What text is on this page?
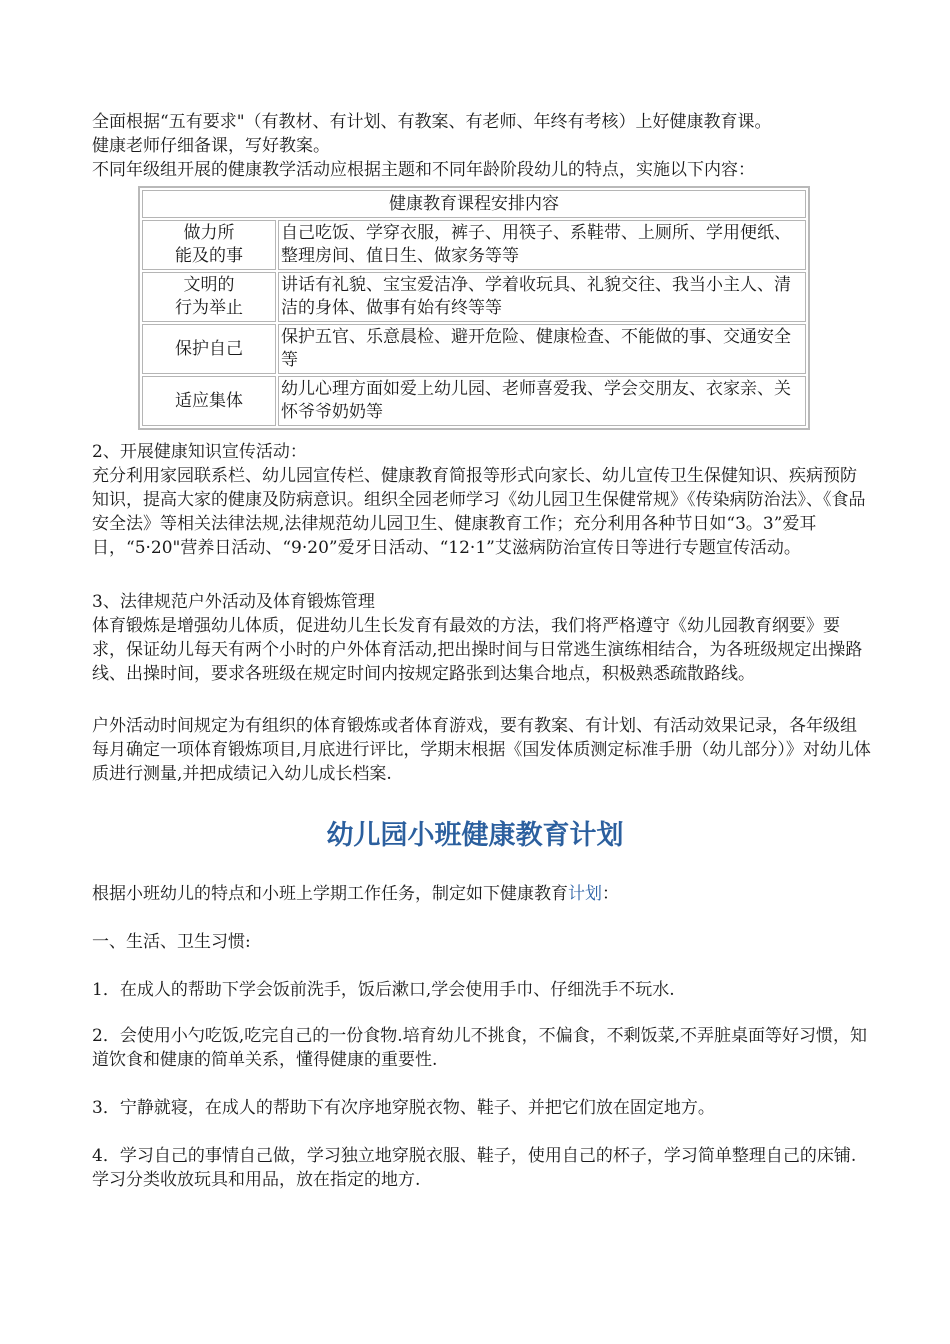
全面根据“五有要求"（有教材、有计划、有教案、有老师、年终有考核）上好健康教育课。

健康老师仔细备课，写好教案。

不同年级组开展的健康教学活动应根据主题和不同年龄阶段幼儿的特点，实施以下内容：

健康教育课程安排内容	
做力所
能及的事	自己吃饭、学穿衣服，裤子、用筷子、系鞋带、上厕所、学用便纸、整理房间、值日生、做家务等等
文明的
行为举止	讲话有礼貌、宝宝爱洁净、学着收玩具、礼貌交往、我当小主人、清洁的身体、做事有始有终等等
保护自己	保护五官、乐意晨检、避开危险、健康检查、不能做的事、交通安全等
适应集体	幼儿心理方面如爱上幼儿园、老师喜爱我、学会交朋友、衣家亲、关怀爷爷奶奶等

2、开展健康知识宣传活动：

充分利用家园联系栏、幼儿园宣传栏、健康教育简报等形式向家长、幼儿宣传卫生保健知识、疾病预防知识，提高大家的健康及防病意识。组织全园老师学习《幼儿园卫生保健常规》《传染病防治法》、《食品安全法》等相关法律法规,法律规范幼儿园卫生、健康教育工作；充分利用各种节日如“3。3”爱耳日，“5·20"营养日活动、“9·20”爱牙日活动、“12·1”艾滋病防治宣传日等进行专题宣传活动。

3、法律规范户外活动及体育锻炼管理

体育锻炼是增强幼儿体质，促进幼儿生长发育有最效的方法，我们将严格遵守《幼儿园教育纲要》要求，保证幼儿每天有两个小时的户外体育活动,把出操时间与日常逃生演练相结合，为各班级规定出操路线、出操时间，要求各班级在规定时间内按规定路张到达集合地点，积极熟悉疏散路线。

户外活动时间规定为有组织的体育锻炼或者体育游戏，要有教案、有计划、有活动效果记录，各年级组每月确定一项体育锻炼项目,月底进行评比，学期末根据《国发体质测定标准手册（幼儿部分）》对幼儿体质进行测量,并把成绩记入幼儿成长档案.

幼儿园小班健康教育计划

根据小班幼儿的特点和小班上学期工作任务，制定如下健康教育计划：

一、生活、卫生习惯:

1．在成人的帮助下学会饭前洗手，饭后漱口,学会使用手巾、仔细洗手不玩水.

2．会使用小勺吃饭,吃完自己的一份食物.培育幼儿不挑食，不偏食，不剩饭菜,不弄脏桌面等好习惯，知道饮食和健康的简单关系，懂得健康的重要性.

3．宁静就寝，在成人的帮助下有次序地穿脱衣物、鞋子、并把它们放在固定地方。

4．学习自己的事情自己做，学习独立地穿脱衣服、鞋子，使用自己的杯子，学习简单整理自己的床铺.学习分类收放玩具和用品，放在指定的地方.
